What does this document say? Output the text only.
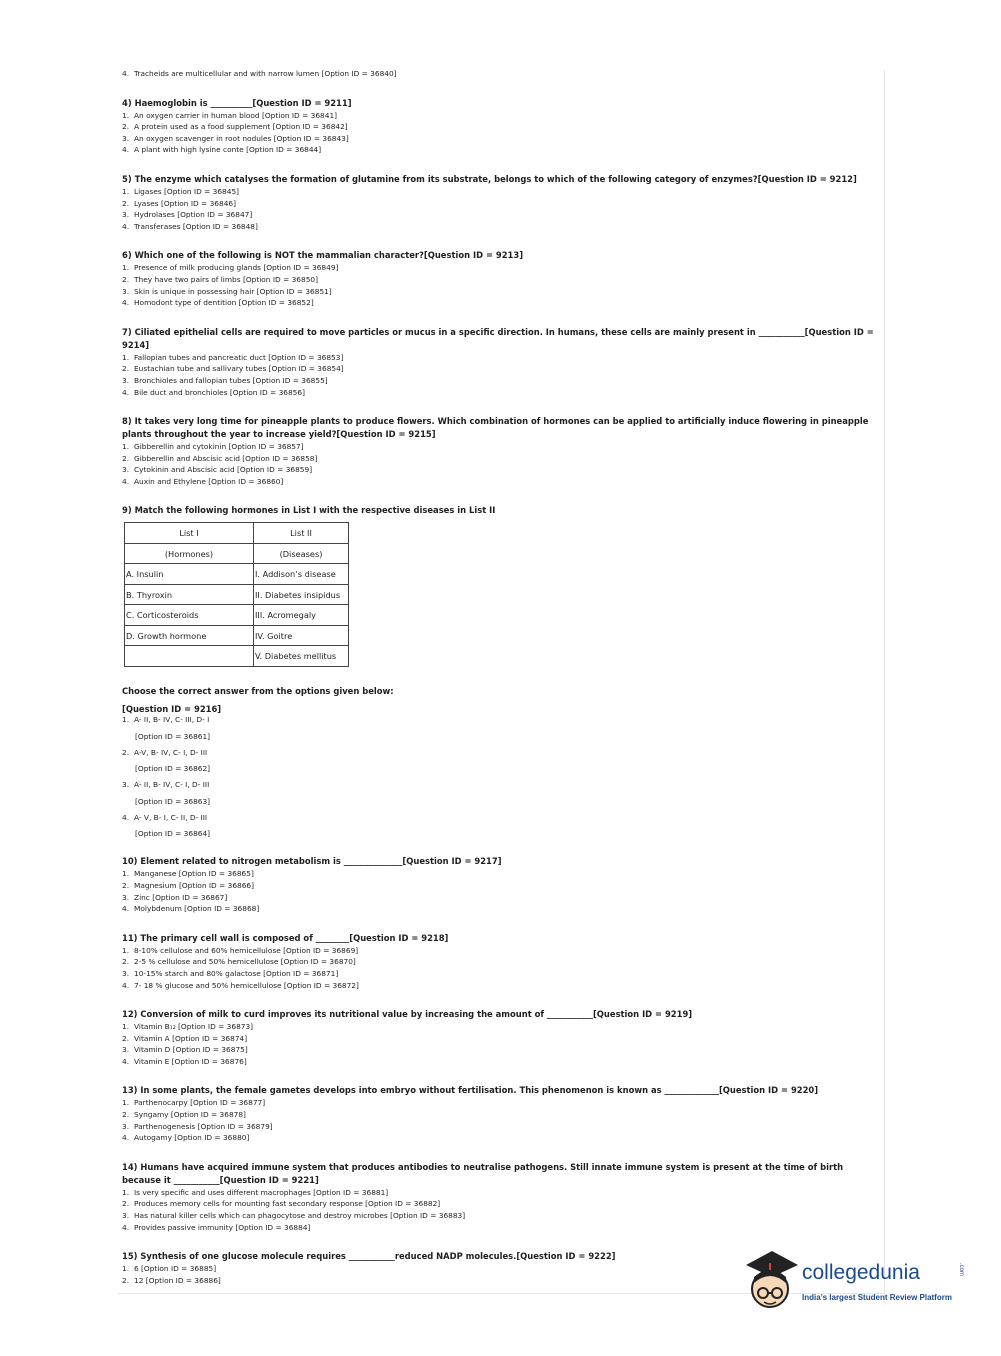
4. Tracheids are multicellular and with narrow lumen [Option ID = 36840]
4) Haemoglobin is __________[Question ID = 9211]
1. An oxygen carrier in human blood [Option ID = 36841]
2. A protein used as a food supplement [Option ID = 36842]
3. An oxygen scavenger in root nodules [Option ID = 36843]
4. A plant with high lysine conte [Option ID = 36844]
5) The enzyme which catalyses the formation of glutamine from its substrate, belongs to which of the following category of enzymes?[Question ID = 9212]
1. Ligases [Option ID = 36845]
2. Lyases [Option ID = 36846]
3. Hydrolases [Option ID = 36847]
4. Transferases [Option ID = 36848]
6) Which one of the following is NOT the mammalian character?[Question ID = 9213]
1. Presence of milk producing glands [Option ID = 36849]
2. They have two pairs of limbs [Option ID = 36850]
3. Skin is unique in possessing hair [Option ID = 36851]
4. Homodont type of dentition [Option ID = 36852]
7) Ciliated epithelial cells are required to move particles or mucus in a specific direction. In humans, these cells are mainly present in ___________[Question ID = 9214]
1. Fallopian tubes and pancreatic duct [Option ID = 36853]
2. Eustachian tube and sallivary tubes [Option ID = 36854]
3. Bronchioles and fallopian tubes [Option ID = 36855]
4. Bile duct and bronchioles [Option ID = 36856]
8) It takes very long time for pineapple plants to produce flowers. Which combination of hormones can be applied to artificially induce flowering in pineapple plants throughout the year to increase yield?[Question ID = 9215]
1. Gibberellin and cytokinin [Option ID = 36857]
2. Gibberellin and Abscisic acid [Option ID = 36858]
3. Cytokinin and Abscisic acid [Option ID = 36859]
4. Auxin and Ethylene [Option ID = 36860]
9) Match the following hormones in List I with the respective diseases in List II
List I	List II
(Hormones)	(Diseases)
A. Insulin	I. Addison’s disease
B. Thyroxin	II. Diabetes insipidus
C. Corticosteroids	III. Acromegaly
D. Growth hormone	IV. Goitre
	V. Diabetes mellitus
Choose the correct answer from the options given below:
[Question ID = 9216]
1. A- II, B- IV, C- III, D- I
[Option ID = 36861]
2. A-V, B- IV, C- I, D- III
[Option ID = 36862]
3. A- II, B- IV, C- I, D- III
[Option ID = 36863]
4. A- V, B- I, C- II, D- III
[Option ID = 36864]
10) Element related to nitrogen metabolism is ______________[Question ID = 9217]
1. Manganese [Option ID = 36865]
2. Magnesium [Option ID = 36866]
3. Zinc [Option ID = 36867]
4. Molybdenum [Option ID = 36868]
11) The primary cell wall is composed of ________[Question ID = 9218]
1. 8-10% cellulose and 60% hemicellulose [Option ID = 36869]
2. 2-5 % cellulose and 50% hemicellulose [Option ID = 36870]
3. 10-15% starch and 80% galactose [Option ID = 36871]
4. 7- 18 % glucose and 50% hemicellulose [Option ID = 36872]
12) Conversion of milk to curd improves its nutritional value by increasing the amount of ___________[Question ID = 9219]
1. Vitamin B₁₂ [Option ID = 36873]
2. Vitamin A [Option ID = 36874]
3. Vitamin D [Option ID = 36875]
4. Vitamin E [Option ID = 36876]
13) In some plants, the female gametes develops into embryo without fertilisation. This phenomenon is known as _____________[Question ID = 9220]
1. Parthenocarpy [Option ID = 36877]
2. Syngamy [Option ID = 36878]
3. Parthenogenesis [Option ID = 36879]
4. Autogamy [Option ID = 36880]
14) Humans have acquired immune system that produces antibodies to neutralise pathogens. Still innate immune system is present at the time of birth because it ___________[Question ID = 9221]
1. Is very specific and uses different macrophages [Option ID = 36881]
2. Produces memory cells for mounting fast secondary response [Option ID = 36882]
3. Has natural killer cells which can phagocytose and destroy microbes [Option ID = 36883]
4. Provides passive immunity [Option ID = 36884]
15) Synthesis of one glucose molecule requires ___________reduced NADP molecules.[Question ID = 9222]
1. 6 [Option ID = 36885]
2. 12 [Option ID = 36886]	collegedunia	.com
India’s largest Student Review Platform
